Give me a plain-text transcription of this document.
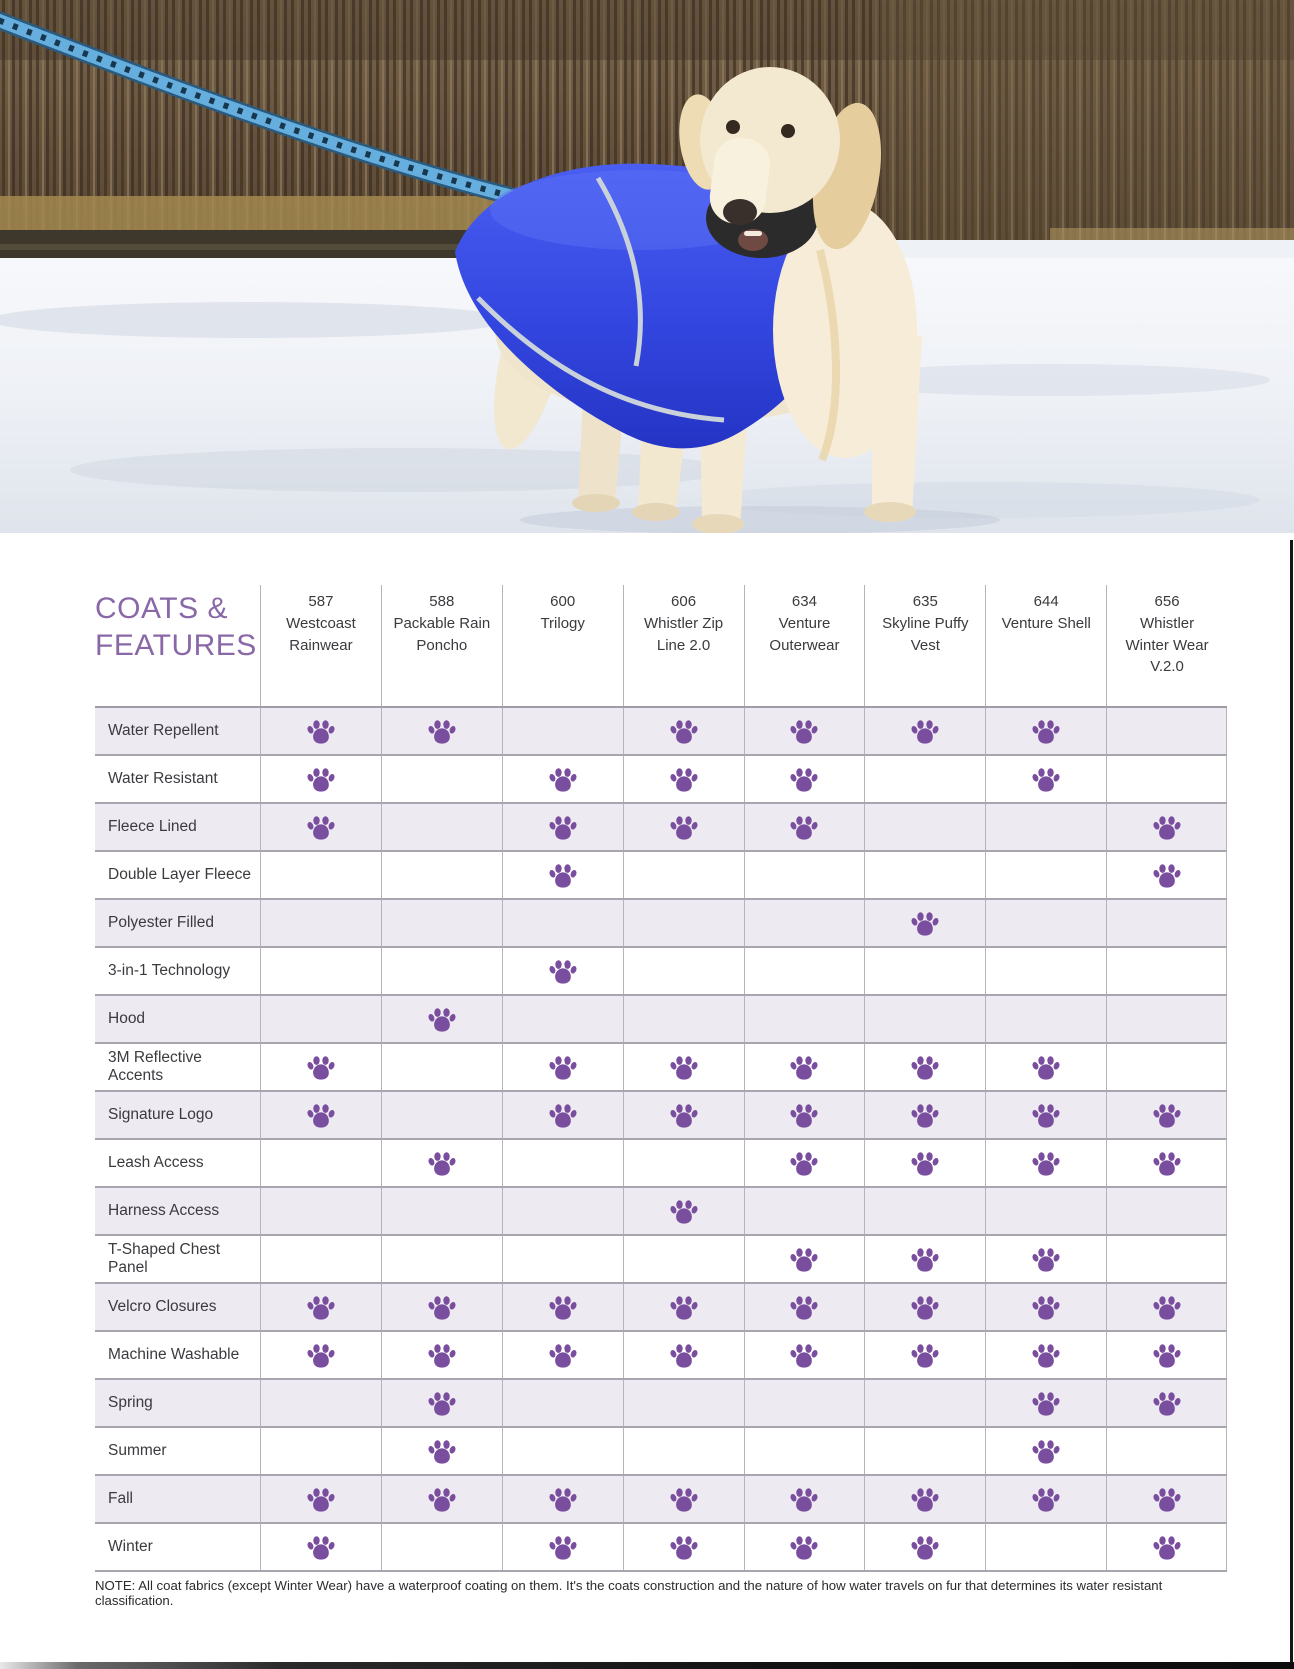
COATS &
FEATURES
587
Westcoast Rainwear
588
Packable Rain Poncho
600
Trilogy
606
Whistler Zip Line 2.0
634
Venture Outerwear
635
Skyline Puffy Vest
644
Venture Shell
656
Whistler Winter Wear V.2.0
Water Repellent
Water Resistant
Fleece Lined
Double Layer Fleece
Polyester Filled
3-in-1 Technology
Hood
3M Reflective Accents
Signature Logo
Leash Access
Harness Access
T-Shaped Chest Panel
Velcro Closures
Machine Washable
Spring
Summer
Fall
Winter
NOTE: All coat fabrics (except Winter Wear) have a waterproof coating on them. It's the coats construction and the nature of how water travels on fur that determines its water resistant classification.
